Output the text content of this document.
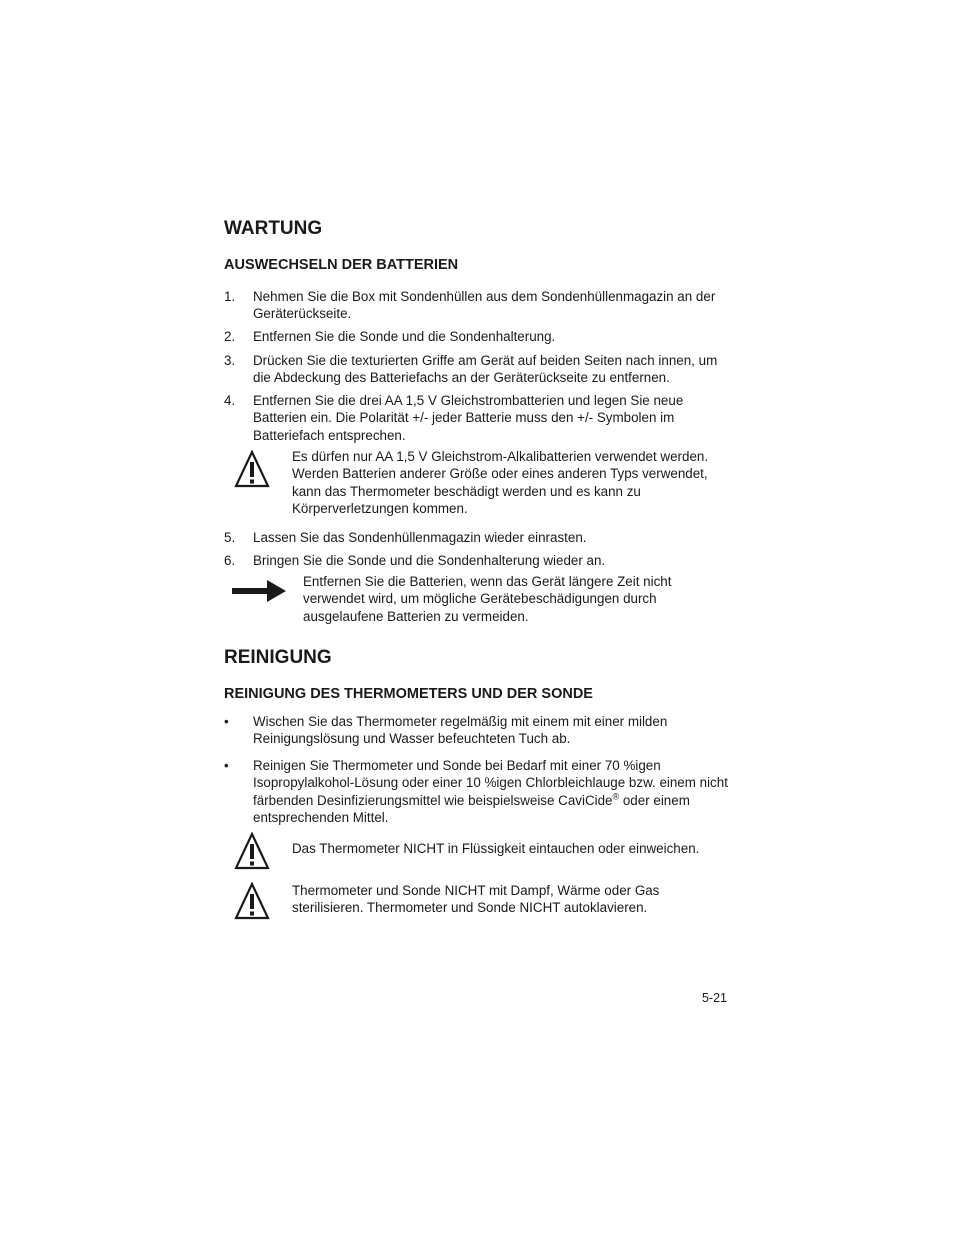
WARTUNG
AUSWECHSELN DER BATTERIEN
1.	Nehmen Sie die Box mit Sondenhüllen aus dem Sondenhüllenmagazin an der Geräterückseite.
2.	Entfernen Sie die Sonde und die Sondenhalterung.
3.	Drücken Sie die texturierten Griffe am Gerät auf beiden Seiten nach innen, um die Abdeckung des Batteriefachs an der Geräterückseite zu entfernen.
4.	Entfernen Sie die drei AA 1,5 V Gleichstrombatterien und legen Sie neue Batterien ein. Die Polarität +/- jeder Batterie muss den +/- Symbolen im Batteriefach entsprechen.
Es dürfen nur AA 1,5 V Gleichstrom-Alkalibatterien verwendet werden. Werden Batterien anderer Größe oder eines anderen Typs verwendet, kann das Thermometer beschädigt werden und es kann zu Körperverletzungen kommen.
5.	Lassen Sie das Sondenhüllenmagazin wieder einrasten.
6.	Bringen Sie die Sonde und die Sondenhalterung wieder an.
Entfernen Sie die Batterien, wenn das Gerät längere Zeit nicht verwendet wird, um mögliche Gerätebeschädigungen durch ausgelaufene Batterien zu vermeiden.
REINIGUNG
REINIGUNG DES THERMOMETERS UND DER SONDE
•	Wischen Sie das Thermometer regelmäßig mit einem mit einer milden Reinigungslösung und Wasser befeuchteten Tuch ab.
•	Reinigen Sie Thermometer und Sonde bei Bedarf mit einer 70 %igen Isopropylalkohol-Lösung oder einer 10 %igen Chlorbleichlauge bzw. einem nicht färbenden Desinfizierungsmittel wie beispielsweise CaviCide® oder einem entsprechenden Mittel.
Das Thermometer NICHT in Flüssigkeit eintauchen oder einweichen.
Thermometer und Sonde NICHT mit Dampf, Wärme oder Gas sterilisieren. Thermometer und Sonde NICHT autoklavieren.
5-21
